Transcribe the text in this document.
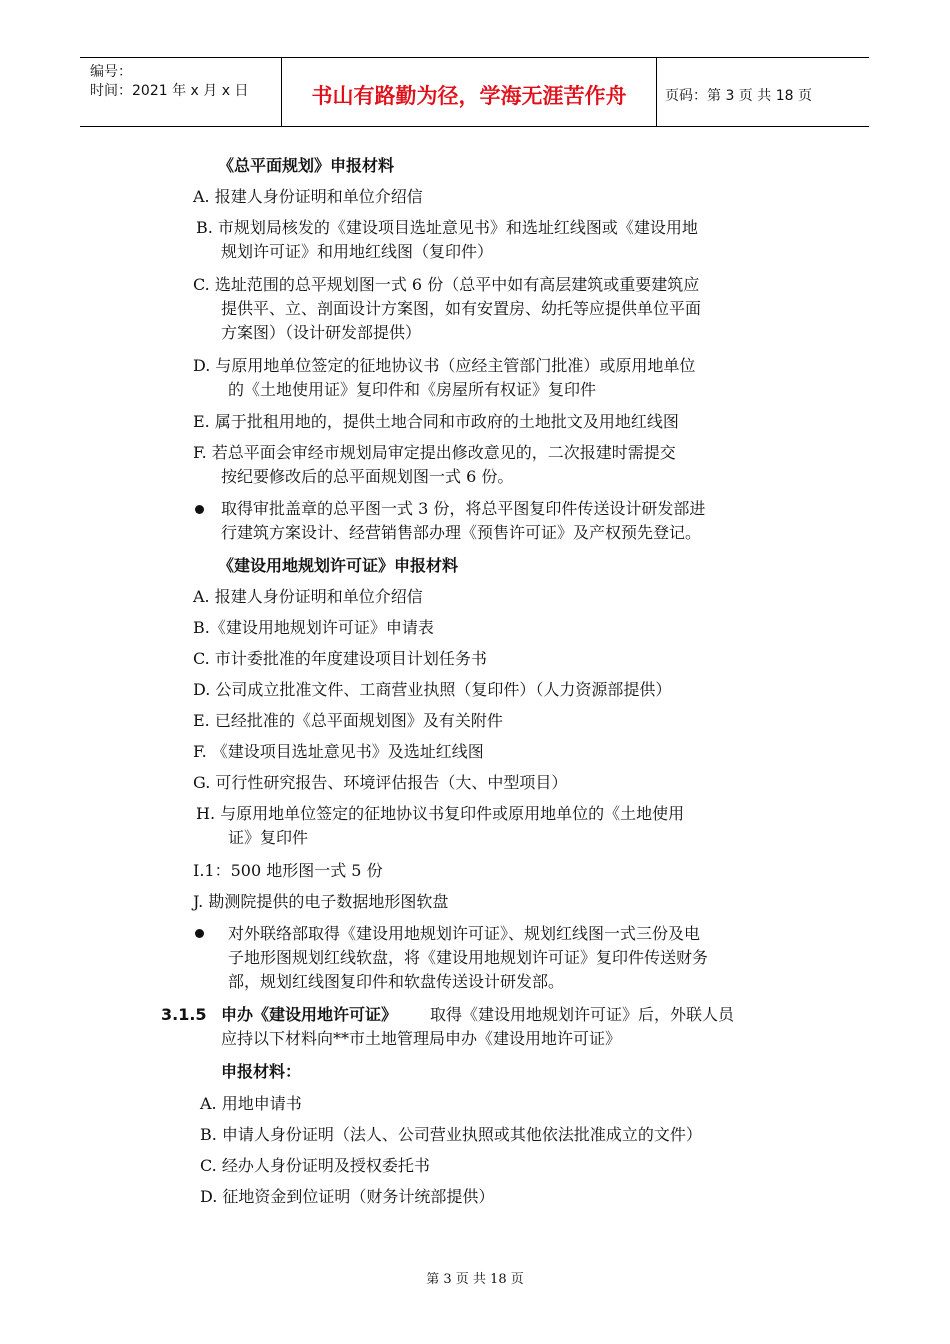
编号：
时间：2021 年 x 月 x 日	书山有路勤为径，学海无涯苦作舟	页码：第 3 页 共 18 页
《总平面规划》申报材料
A. 报建人身份证明和单位介绍信
B. 市规划局核发的《建设项目选址意见书》和选址红线图或《建设用地
规划许可证》和用地红线图（复印件）
C. 选址范围的总平规划图一式 6 份（总平中如有高层建筑或重要建筑应
提供平、立、剖面设计方案图，如有安置房、幼托等应提供单位平面
方案图）（设计研发部提供）
D. 与原用地单位签定的征地协议书（应经主管部门批准）或原用地单位
的《土地使用证》复印件和《房屋所有权证》复印件
E. 属于批租用地的，提供土地合同和市政府的土地批文及用地红线图
F. 若总平面会审经市规划局审定提出修改意见的，二次报建时需提交
按纪要修改后的总平面规划图一式 6 份。
取得审批盖章的总平图一式 3 份，将总平图复印件传送设计研发部进
行建筑方案设计、经营销售部办理《预售许可证》及产权预先登记。
《建设用地规划许可证》申报材料
A. 报建人身份证明和单位介绍信
B.《建设用地规划许可证》申请表
C. 市计委批准的年度建设项目计划任务书
D. 公司成立批准文件、工商营业执照（复印件）（人力资源部提供）
E. 已经批准的《总平面规划图》及有关附件
F. 《建设项目选址意见书》及选址红线图
G. 可行性研究报告、环境评估报告（大、中型项目）
H. 与原用地单位签定的征地协议书复印件或原用地单位的《土地使用
证》复印件
I.1：500 地形图一式 5 份
J. 勘测院提供的电子数据地形图软盘
对外联络部取得《建设用地规划许可证》、规划红线图一式三份及电
子地形图规划红线软盘，将《建设用地规划许可证》复印件传送财务
部，规划红线图复印件和软盘传送设计研发部。
3.1.5 申办《建设用地许可证》 取得《建设用地规划许可证》后，外联人员
应持以下材料向**市土地管理局申办《建设用地许可证》
申报材料：
A. 用地申请书
B. 申请人身份证明（法人、公司营业执照或其他依法批准成立的文件）
C. 经办人身份证明及授权委托书
D. 征地资金到位证明（财务计统部提供）
第 3 页 共 18 页
